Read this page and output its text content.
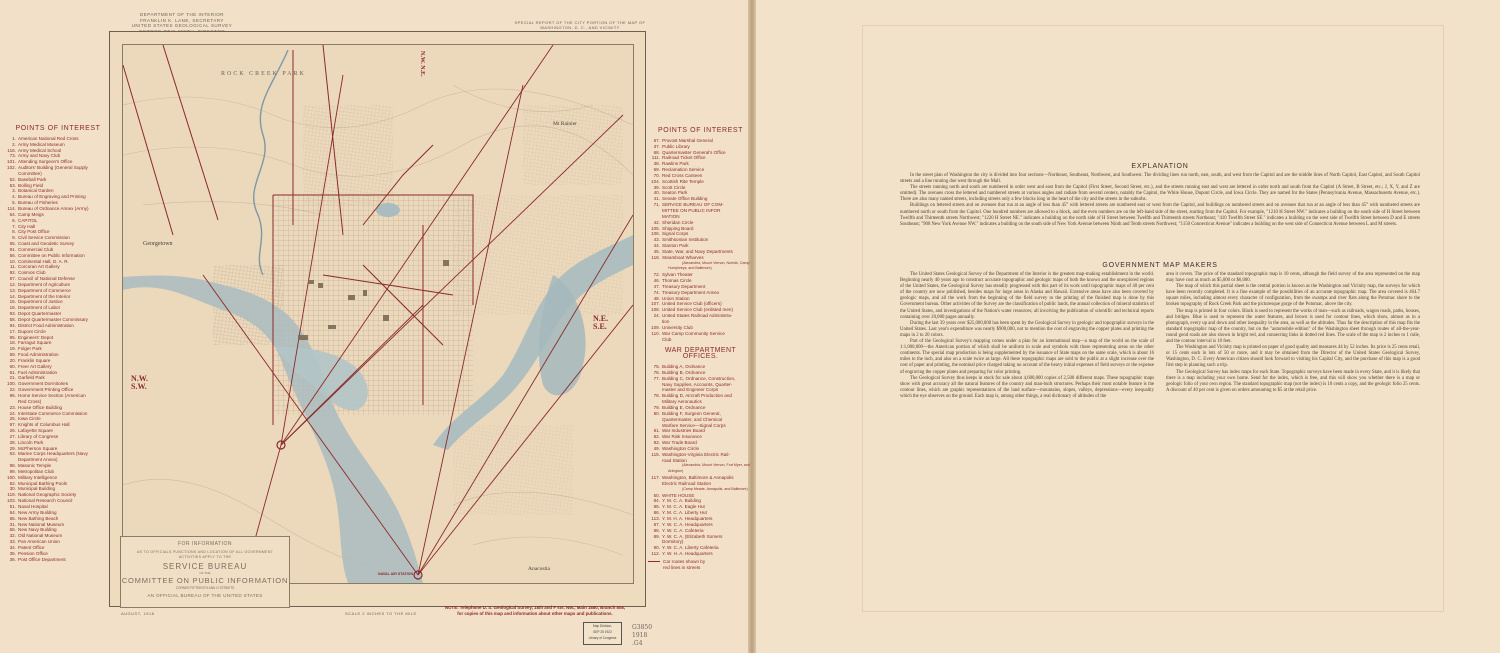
DEPARTMENT OF THE INTERIOR
FRANKLIN K. LANE, SECRETARY
UNITED STATES GEOLOGICAL SURVEY
SPECIAL REPORT OF THE CITY PORTION OF THE MAP OF
WASHINGTON, D. C., AND VICINITY
POINTS OF INTEREST
1. American National Red Cross
2. Army Medical Museum
116. Army Medical School
73. Army and Navy Club
101. Attending Surgeon's Office
102. Auditors' Building (General Supply
Committee)
52. Baseball Park
53. Bolling Field
3. Botanical Garden
4. Bureau of Engraving and Printing
5. Bureau of Fisheries
114. Bureau of Ordnance Annex (Army)
54. Camp Meigs
6. CAPITOL
7. City Hall
8. City Post Office
9. Civil Service Commission
55. Coast and Geodetic Survey
91. Commercial Club
56. Committee on Public Information
10. Continental Hall, D. A. R.
11. Corcoran Art Gallery
92. Cosmos Club
57. Council of National Defense
12. Department of Agriculture
13. Department of Commerce
14. Department of the Interior
15. Department of Justice
16. Department of Labor
93. Depot Quartermaster
58. Depot Quartermaster Commissary
94. District Food Administration
17. Dupont Circle
95. Engineers' Depot
18. Farragut Square
19. Folger Park
59. Food Administration
20. Franklin Square
60. Freer Art Gallery
61. Fuel Administration
21. Garfield Park
100. Government Dormitories
22. Government Printing Office
96. Home Service Section (American
Red Cross)
23. House Office Building
24. Interstate Commerce Commission
25. Iowa Circle
97. Knights of Columbus Hall
26. Lafayette Square
27. Library of Congress
28. Lincoln Park
29. McPherson Square
63. Marine Corps Headquarters (Navy
Department Annex)
98. Masonic Temple
99. Metropolitan Club
100. Military Intelligence
62. Municipal Bathing Pools
30. Municipal Building
119. National Geographic Society
103. National Research Council
51. Naval Hospital
64. New Army Building
65. New Bathing Beach
31. New National Museum
66. New Navy Building
32. Old National Museum
33. Pan American Union
34. Patent Office
35. Pension Office
36. Post Office Department
ROCK CREEK PARK
Mt Rainier
Georgetown
Anacostia
NAVAL AIR STATION
N.W.
S.W.
N.E.
S.E.
N.W. N.E.
FOR INFORMATION
AS TO OFFICIALS FUNCTIONS AND LOCATION OF ALL GOVERNMENT ACTIVITIES APPLY TO THE
SERVICE BUREAU
OF THE
COMMITTEE ON PUBLIC INFORMATION
CORNER FIFTEENTH AND G STREETS
AN OFFICIAL BUREAU OF THE UNITED STATES
AUGUST, 1918	SCALE 2 INCHES TO THE MILE
POINTS OF INTEREST
67. Provost Marshal General
37. Public Library
68. Quartermaster General's Office
111. Railroad Ticket Office
38. Rawlins Park
69. Reclamation Service
70. Red Cross Canteen
104. Scottish Rite Temple
39. Scott Circle
40. Seaton Park
41. Senate Office Building
71. SERVICE BUREAU OF COM-
MITTEE ON PUBLIC INFOR
MATION
42. Sheridan Circle
105. Shipping Board
106. Signal Corps
43. Smithsonian Institution
44. Stanton Park
45. State, War, and Navy Departments
118. Steamboat Wharves
(Alexandria, Mount Vernon, Norfolk, Camp Humphreys, and Baltimore)
72. Sylvan Theater
46. Thomas Circle
47. Treasury Department
74. Treasury Department Annex
48. Union Station
107. United Service Club (officers)
108. United Service Club (enlisted men)
24. United States Railroad Administra-
tion
109. University Club
110. War Camp Community Service
Club
WAR DEPARTMENT OFFICES.
75. Building A, Ordnance
76. Building B, Ordnance
77. Building C, Ordnance, Construction,
Navy Supplies, Accounts, Quarter-
master and Engineer Corps
78. Building D, Aircraft Production and
Military Aeronautics
79. Building E, Ordnance
80. Building F, Surgeon General,
Quartermaster, and Chemical
Warfare Service—Signal Corps
81. War Industries Board
82. War Risk Insurance
83. War Trade Board
49. Washington Circle
115. Washington-Virginia Electric Rail-
road Station
(Alexandria, Mount Vernon, Fort Myer, and Arlington)
117. Washington, Baltimore & Annapolis
Electric Railroad Station
(Camp Meade, Annapolis, and Baltimore)
50. WHITE HOUSE
84. Y. M. C. A. Building
85. Y. M. C. A. Eagle Hut
86. Y. M. C. A. Liberty Hut
113. Y. M. H. A. Headquarters
87. Y. W. C. A. Headquarters
88. Y. W. C. A. Cafeteria
89. Y. W. C. A. (Elizabeth Somers
Dormitory)
90. Y. W. C. A. Liberty Cafeteria
112. Y. W. H. A. Headquarters
Car routes shown by
red lines in streets
NOTE: Telephone U. S. Geological Survey, 18th and F sts. NW., Main 1880, Branch 808,
for copies of this map and information about other maps and publications.
Map Division,
SEP 25 1922
Library of Congress
G3850
1918
.G4
EXPLANATION

In the street plan of Washington the city is divided into four sections—Northeast, Southeast, Northwest, and Southwest. The dividing lines run north, east, south, and west from the Capitol and are the middle lines of North Capitol, East Capitol, and South Capitol streets and a line running due west through the Mall.

The streets running north and south are numbered in order west and east from the Capitol (First Street, Second Street, etc.), and the streets running east and west are lettered in order north and south from the Capitol (A Street, B Street, etc.; J, X, Y, and Z are omitted). The avenues cross the lettered and numbered streets at various angles and radiate from several centers, notably the Capitol, the White House, Dupont Circle, and Iowa Circle. They are named for the States (Pennsylvania Avenue, Massachusetts Avenue, etc.). There are also many named streets, including streets only a few blocks long in the heart of the city and the streets in the suburbs.

Buildings on lettered streets and on avenues that run at an angle of less than 45° with lettered streets are numbered east or west from the Capitol, and buildings on numbered streets and on avenues that run at an angle of less than 45° with numbered streets are numbered north or south from the Capitol. One hundred numbers are allowed to a block, and the even numbers are on the left-hand side of the street, starting from the Capitol. For example, "1210 H Street NW." indicates a building on the south side of H Street between Twelfth and Thirteenth streets Northwest; "1220 H Street NE." indicates a building on the north side of H Street between Twelfth and Thirteenth streets Northeast; "410 Twelfth Street SE." indicates a building on the west side of Twelfth Street between D and E streets Southeast; "908 New York Avenue NW." indicates a building on the south side of New York Avenue between Ninth and Tenth streets Northwest; "1150 Connecticut Avenue" indicates a building on the west side of Connecticut Avenue between L and M streets.

GOVERNMENT MAP MAKERS

The United States Geological Survey of the Department of the Interior is the greatest map-making establishment in the world. Beginning nearly 40 years ago to construct accurate topographic and geologic maps of both the known and the unexplored regions of the United States, the Geological Survey has steadily progressed with this part of its work until topographic maps of 40 per cent of the country are now published, besides maps for large areas in Alaska and Hawaii. Extensive areas have also been covered by geologic maps, and all the work from the beginning of the field survey to the printing of the finished map is done by this Government bureau. Other activities of the Survey are the classification of public lands, the annual collection of mineral statistics of the United States, and investigations of the Nation's water resources; all involving the publication of scientific and technical reports containing over 20,000 pages annually.

During the last 39 years over $25,000,000 has been spent by the Geological Survey in geologic and topographic surveys in the United States. Last year's expenditure was nearly $900,000, not to mention the cost of engraving the copper plates and printing the maps in 2 to 20 colors.

Part of the Geological Survey's mapping comes under a plan for an international map—a map of the world on the scale of 1:1,000,000—the American portion of which shall be uniform in scale and symbols with those representing areas on the other continents. The special map production is being supplemented by the issuance of State maps on the same scale, which is about 16 miles to the inch, and also on a scale twice as large. All these topographic maps are sold to the public at a slight increase over the cost of paper and printing, the nominal price charged taking no account of the heavy initial expenses of field surveys or the expense of engraving the copper plates and preparing for color printing.

The Geological Survey thus keeps in stock for sale about 4,600,000 copies of 2,500 different maps. These topographic maps show with great accuracy all the natural features of the country and man-built structures. Perhaps their most notable feature is the contour lines, which are graphic representations of the land surface—mountains, slopes, valleys, depressions—every inequality which the eye observes on the ground. Each map is, among other things, a real dictionary of altitudes of the

area it covers. The price of the standard topographic map is 10 cents, although the field survey of the area represented on the map may have cost as much as $5,000 or $6,000.

The map of which this partial sheet is the central portion is known as the Washington and Vicinity map, the surveys for which have been recently completed. It is a fine example of the possibilities of an accurate topographic map. The area covered is 464.7 square miles, including almost every character of configuration, from the swamps and river flats along the Potomac shore to the broken topography of Rock Creek Park and the picturesque gorge of the Potomac, above the city.

The map is printed in four colors. Black is used to represent the works of man—such as railroads, wagon roads, paths, houses, and bridges. Blue is used to represent the water features, and brown is used for contour lines, which show, almost as in a photograph, every up and down and other inequality in the area, as well as the altitudes. Thus far the description of this map fits the standard topographic map of the country, but on the "automobile edition" of the Washington sheet through routes of all-the-year-round good roads are also shown in bright red, and connecting links in dotted red lines. The scale of the map is 2 inches to 1 mile, and the contour interval is 10 feet.

The Washington and Vicinity map is printed on paper of good quality and measures 44 by 52 inches. Its price is 25 cents retail, or 15 cents each in lots of 50 or more, and it may be obtained from the Director of the United States Geological Survey, Washington, D. C. Every American citizen should look forward to visiting his Capital City, and the purchase of this map is a good first step in planning such a trip.

The Geological Survey has index maps for each State. Topographic surveys have been made in every State, and it is likely that there is a map including your own home. Send for the index, which is free, and this will show you whether there is a map or geologic folio of your own region. The standard topographic map (not the index) is 10 cents a copy, and the geologic folio 25 cents. A discount of 40 per cent is given on orders amounting to $5 at the retail price.
